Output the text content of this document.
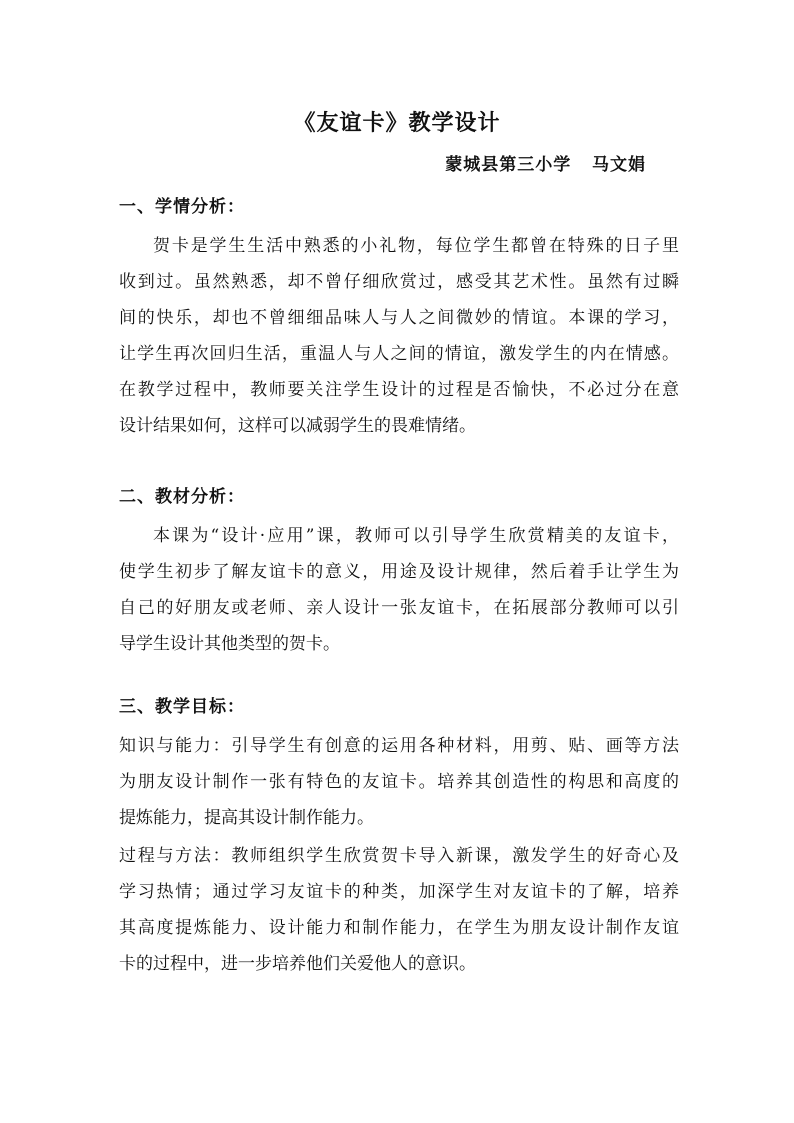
《友谊卡》教学设计

蒙城县第三小学   马文娟

一、学情分析：
贺卡是学生生活中熟悉的小礼物，每位学生都曾在特殊的日子里
收到过。虽然熟悉，却不曾仔细欣赏过，感受其艺术性。虽然有过瞬
间的快乐，却也不曾细细品味人与人之间微妙的情谊。本课的学习，
让学生再次回归生活，重温人与人之间的情谊，激发学生的内在情感。
在教学过程中，教师要关注学生设计的过程是否愉快，不必过分在意
设计结果如何，这样可以减弱学生的畏难情绪。
二、教材分析：
本课为“设计·应用”课，教师可以引导学生欣赏精美的友谊卡，
使学生初步了解友谊卡的意义，用途及设计规律，然后着手让学生为
自己的好朋友或老师、亲人设计一张友谊卡，在拓展部分教师可以引
导学生设计其他类型的贺卡。
三、教学目标：
知识与能力：引导学生有创意的运用各种材料，用剪、贴、画等方法
为朋友设计制作一张有特色的友谊卡。培养其创造性的构思和高度的
提炼能力，提高其设计制作能力。
过程与方法：教师组织学生欣赏贺卡导入新课，激发学生的好奇心及
学习热情；通过学习友谊卡的种类，加深学生对友谊卡的了解，培养
其高度提炼能力、设计能力和制作能力，在学生为朋友设计制作友谊
卡的过程中，进一步培养他们关爱他人的意识。
